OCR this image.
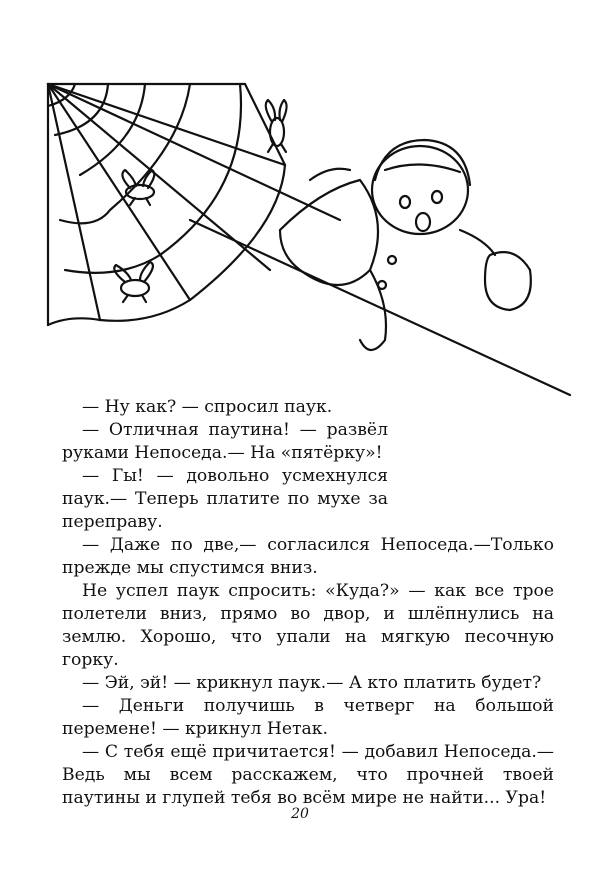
— Ну как? — спросил паук.

— Отличная паутина! — развёл руками Непоседа.— На «пятёрку»!

— Гы! — довольно усмехнулся паук.— Теперь платите по мухе за переправу.

— Даже по две,— согласился Непоседа.—Только прежде мы спустимся вниз.

Не успел паук спросить: «Куда?» — как все трое полетели вниз, прямо во двор, и шлёпнулись на землю. Хорошо, что упали на мягкую песочную горку.

— Эй, эй! — крикнул паук.— А кто платить будет?

— Деньги получишь в четверг на большой перемене! — крикнул Нетак.

— С тебя ещё причитается! — добавил Непоседа.— Ведь мы всем расскажем, что прочней твоей паутины и глупей тебя во всём мире не найти... Ура!

20
